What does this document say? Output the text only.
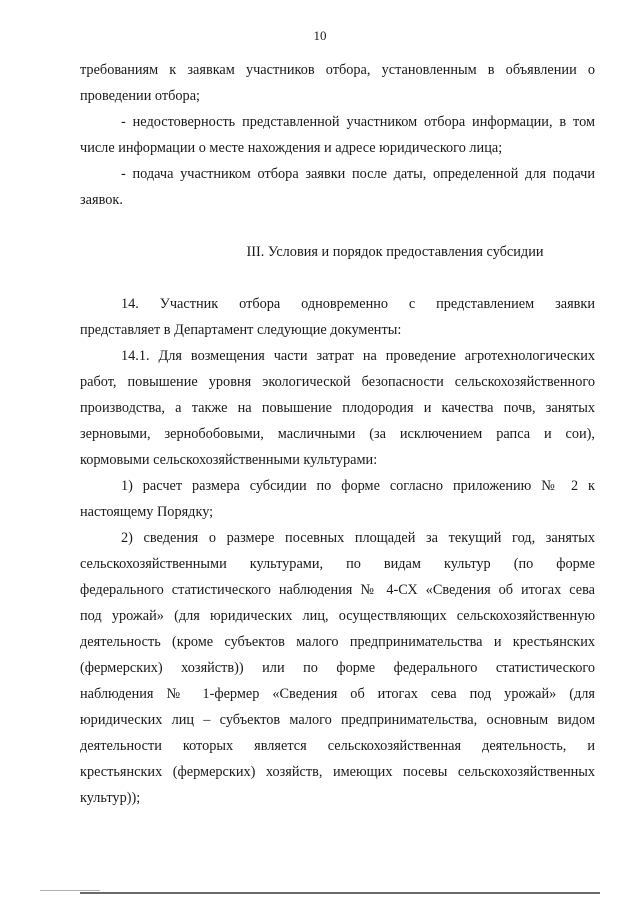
10
требованиям к заявкам участников отбора, установленным в объявлении о
проведении отбора;
- недостоверность представленной участником отбора информации, в том
числе информации о месте нахождения и адресе юридического лица;
- подача участником отбора заявки после даты, определенной для подачи
заявок.
III. Условия и порядок предоставления субсидии
14. Участник отбора одновременно с представлением заявки
представляет в Департамент следующие документы:
14.1. Для возмещения части затрат на проведение агротехнологических
работ, повышение уровня экологической безопасности сельскохозяйственного
производства, а также на повышение плодородия и качества почв, занятых
зерновыми, зернобобовыми, масличными (за исключением рапса и сои),
кормовыми сельскохозяйственными культурами:
1) расчет размера субсидии по форме согласно приложению № 2 к
настоящему Порядку;
2) сведения о размере посевных площадей за текущий год, занятых
сельскохозяйственными культурами, по видам культур (по форме
федерального статистического наблюдения № 4-СХ «Сведения об итогах сева
под урожай» (для юридических лиц, осуществляющих сельскохозяйственную
деятельность (кроме субъектов малого предпринимательства и крестьянских
(фермерских) хозяйств)) или по форме федерального статистического
наблюдения № 1-фермер «Сведения об итогах сева под урожай» (для
юридических лиц – субъектов малого предпринимательства, основным видом
деятельности которых является сельскохозяйственная деятельность, и
крестьянских (фермерских) хозяйств, имеющих посевы сельскохозяйственных
культур));
